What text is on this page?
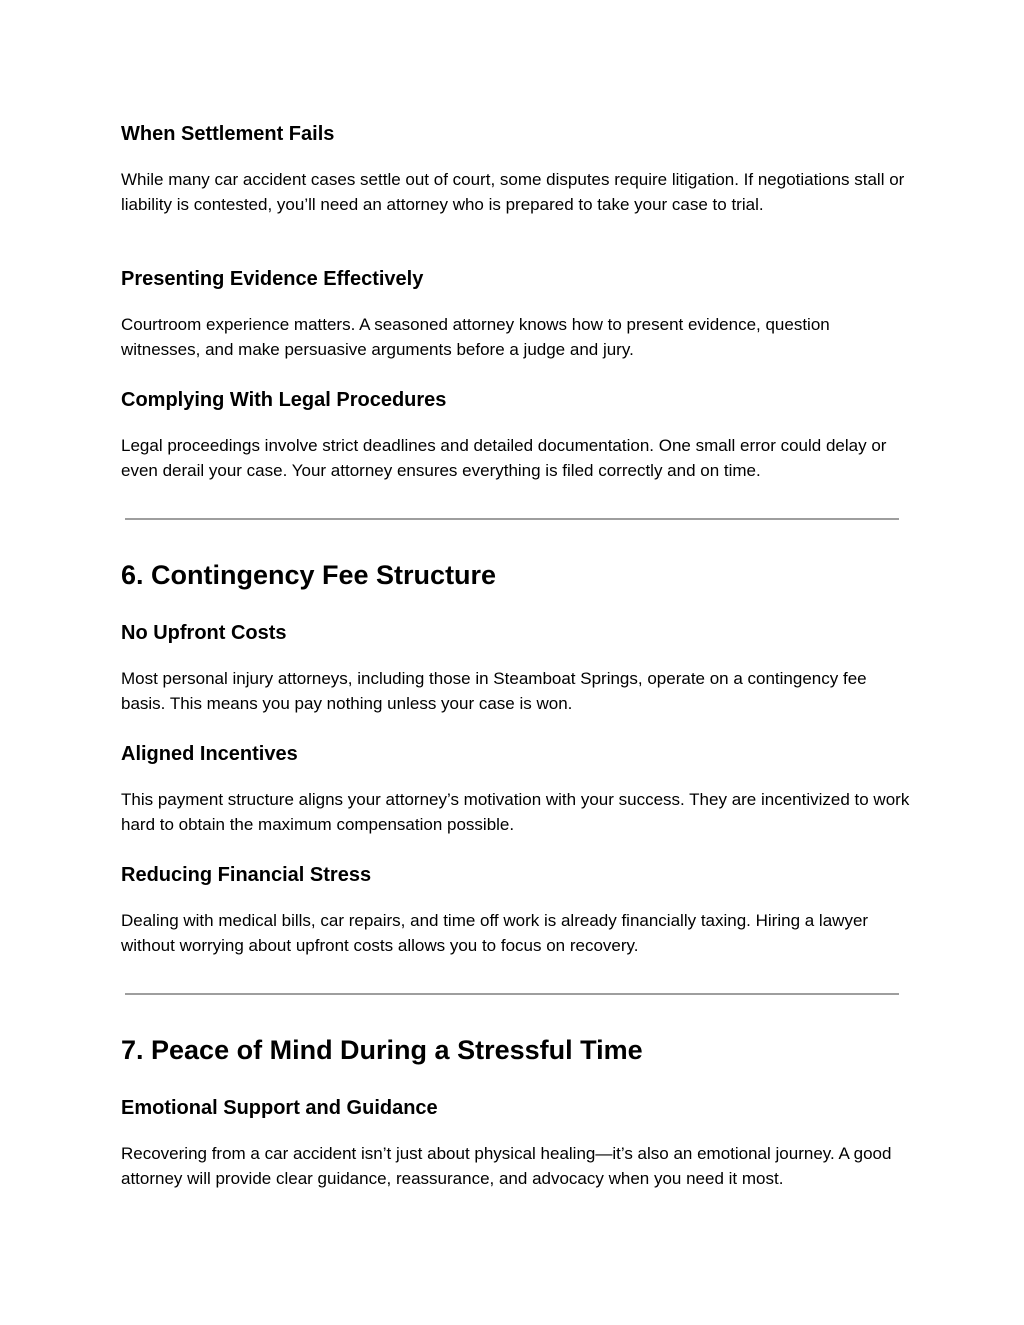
When Settlement Fails
While many car accident cases settle out of court, some disputes require litigation. If negotiations stall or liability is contested, you’ll need an attorney who is prepared to take your case to trial.
Presenting Evidence Effectively
Courtroom experience matters. A seasoned attorney knows how to present evidence, question witnesses, and make persuasive arguments before a judge and jury.
Complying With Legal Procedures
Legal proceedings involve strict deadlines and detailed documentation. One small error could delay or even derail your case. Your attorney ensures everything is filed correctly and on time.
6. Contingency Fee Structure
No Upfront Costs
Most personal injury attorneys, including those in Steamboat Springs, operate on a contingency fee basis. This means you pay nothing unless your case is won.
Aligned Incentives
This payment structure aligns your attorney’s motivation with your success. They are incentivized to work hard to obtain the maximum compensation possible.
Reducing Financial Stress
Dealing with medical bills, car repairs, and time off work is already financially taxing. Hiring a lawyer without worrying about upfront costs allows you to focus on recovery.
7. Peace of Mind During a Stressful Time
Emotional Support and Guidance
Recovering from a car accident isn’t just about physical healing—it’s also an emotional journey. A good attorney will provide clear guidance, reassurance, and advocacy when you need it most.
